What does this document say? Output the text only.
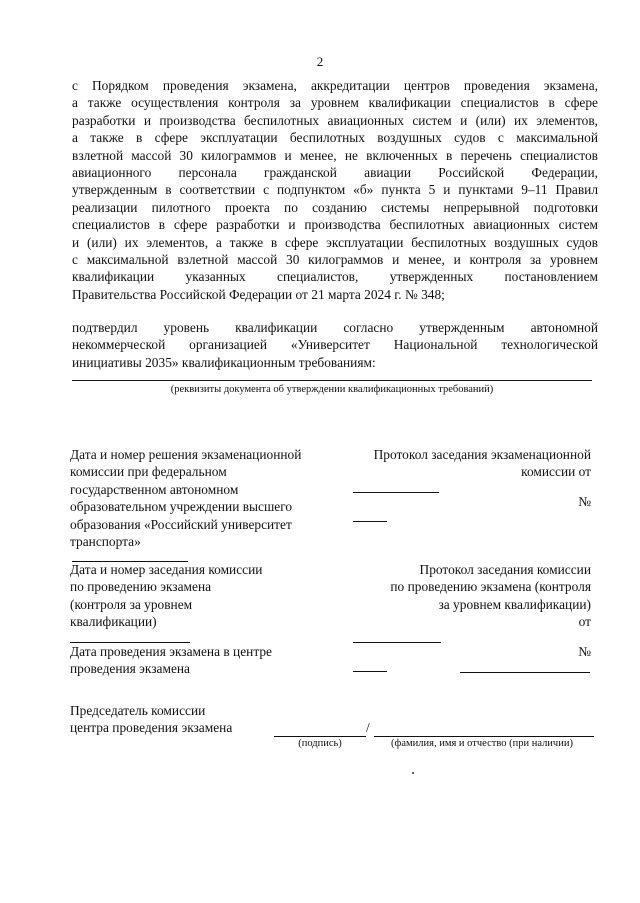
2
с Порядком проведения экзамена, аккредитации центров проведения экзамена,
а также осуществления контроля за уровнем квалификации специалистов в сфере
разработки и производства беспилотных авиационных систем и (или) их элементов,
а также в сфере эксплуатации беспилотных воздушных судов с максимальной
взлетной массой 30 килограммов и менее, не включенных в перечень специалистов
авиационного персонала гражданской авиации Российской Федерации,
утвержденным в соответствии с подпунктом «б» пункта 5 и пунктами 9–11 Правил
реализации пилотного проекта по созданию системы непрерывной подготовки
специалистов в сфере разработки и производства беспилотных авиационных систем
и (или) их элементов, а также в сфере эксплуатации беспилотных воздушных судов
с максимальной взлетной массой 30 килограммов и менее, и контроля за уровнем
квалификации указанных специалистов, утвержденных постановлением
Правительства Российской Федерации от 21 марта 2024 г. № 348;
подтвердил уровень квалификации согласно утвержденным автономной
некоммерческой организацией «Университет Национальной технологической
инициативы 2035» квалификационным требованиям:
(реквизиты документа об утверждении квалификационных требований)
Дата и номер решения экзаменационной
комиссии при федеральном
государственном автономном
образовательном учреждении высшего
образования «Российский университет
транспорта»
Протокол заседания экзаменационной
комиссии от
№
Дата и номер заседания комиссии
по проведению экзамена
(контроля за уровнем
квалификации)
Протокол заседания комиссии
по проведению экзамена (контроля
за уровнем квалификации)
от
№
Дата проведения экзамена в центре
проведения экзамена
Председатель комиссии
центра проведения экзамена	/
(подпись)	(фамилия, имя и отчество (при наличии)
